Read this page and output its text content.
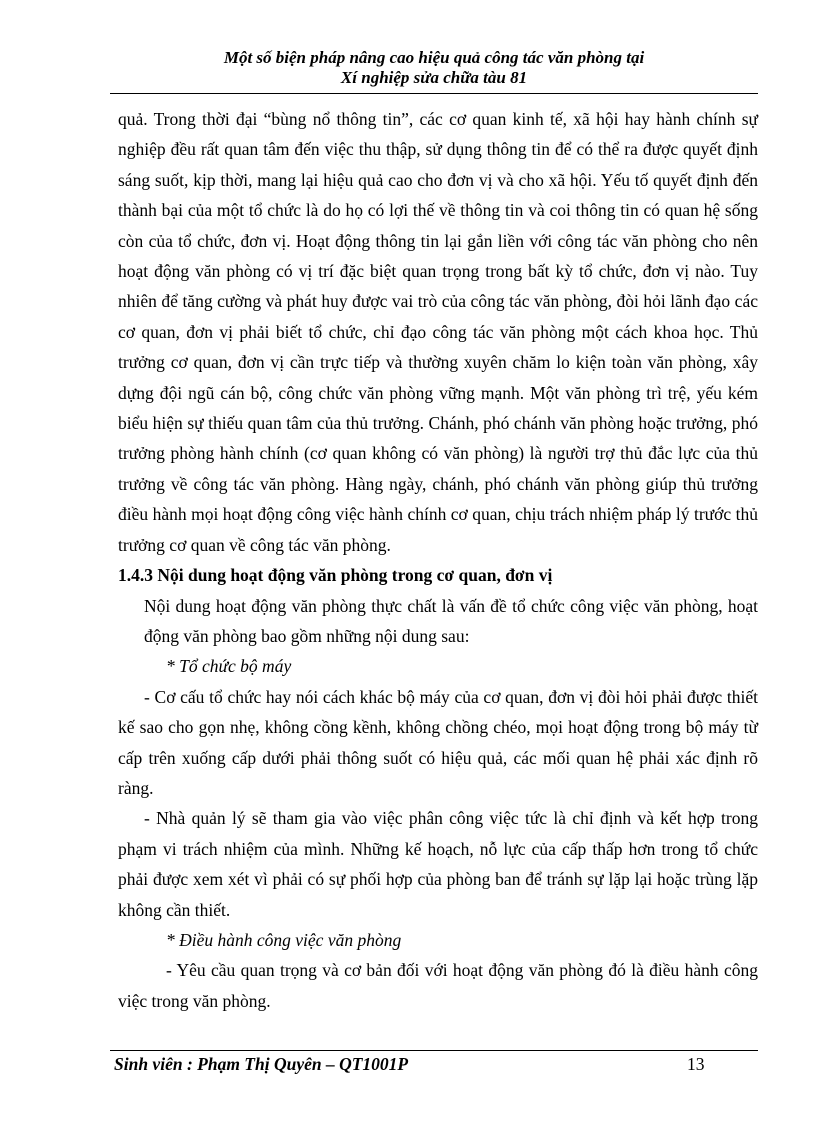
Một số biện pháp nâng cao hiệu quả công tác văn phòng tại
Xí nghiệp sửa chữa tàu 81

quả. Trong thời đại “bùng nổ thông tin”, các cơ quan kinh tế, xã hội hay hành chính sự nghiệp đều rất quan tâm đến việc thu thập, sử dụng thông tin để có thể ra được quyết định sáng suốt, kịp thời, mang lại hiệu quả cao cho đơn vị và cho xã hội. Yếu tố quyết định đến thành bại của một tổ chức là do họ có lợi thế về thông tin và coi thông tin có quan hệ sống còn của tổ chức, đơn vị. Hoạt động thông tin lại gắn liền với công tác văn phòng cho nên hoạt động văn phòng có vị trí đặc biệt quan trọng trong bất kỳ tổ chức, đơn vị nào. Tuy nhiên để tăng cường và phát huy được vai trò của công tác văn phòng, đòi hỏi lãnh đạo các cơ quan, đơn vị phải biết tổ chức, chỉ đạo công tác văn phòng một cách khoa học. Thủ trưởng cơ quan, đơn vị cần trực tiếp và thường xuyên chăm lo kiện toàn văn phòng, xây dựng đội ngũ cán bộ, công chức văn phòng vững mạnh. Một văn phòng trì trệ, yếu kém biểu hiện sự thiếu quan tâm của thủ trưởng. Chánh, phó chánh văn phòng hoặc trưởng, phó trưởng phòng hành chính (cơ quan không có văn phòng) là người trợ thủ đắc lực của thủ trưởng về công tác văn phòng. Hàng ngày, chánh, phó chánh văn phòng giúp thủ trưởng điều hành mọi hoạt động công việc hành chính cơ quan, chịu trách nhiệm pháp lý trước thủ trưởng cơ quan về công tác văn phòng.

1.4.3 Nội dung hoạt động văn phòng trong cơ quan, đơn vị

Nội dung hoạt động văn phòng thực chất là vấn đề tổ chức công việc văn phòng, hoạt động văn phòng bao gồm những nội dung sau:

* Tổ chức bộ máy

- Cơ cấu tổ chức hay nói cách khác bộ máy của cơ quan, đơn vị đòi hỏi phải được thiết kế sao cho gọn nhẹ, không cồng kềnh, không chồng chéo, mọi hoạt động trong bộ máy từ cấp trên xuống cấp dưới phải thông suốt có hiệu quả, các mối quan hệ phải xác định rõ ràng.

- Nhà quản lý sẽ tham gia vào việc phân công việc tức là chỉ định và kết hợp trong phạm vi trách nhiệm của mình. Những kế hoạch, nỗ lực của cấp thấp hơn trong tổ chức phải được xem xét vì phải có sự phối hợp của phòng ban để tránh sự lặp lại hoặc trùng lặp không cần thiết.

* Điều hành công việc văn phòng

- Yêu cầu quan trọng và cơ bản đối với hoạt động văn phòng đó là điều hành công việc trong văn phòng.

Sinh viên : Phạm Thị Quyên – QT1001P	13
